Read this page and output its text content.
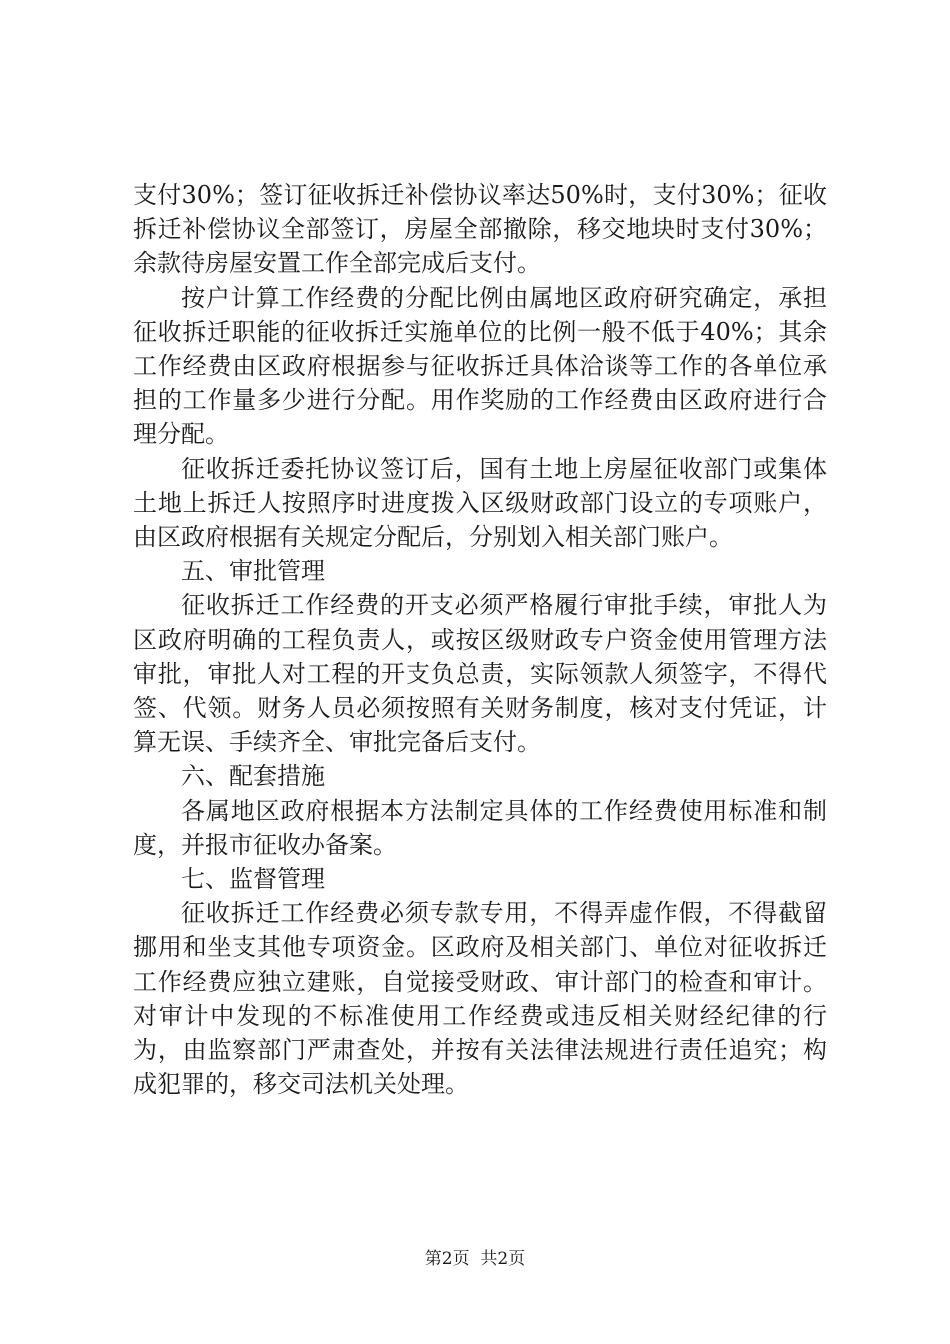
支付30%；签订征收拆迁补偿协议率达50%时，支付30%；征收拆迁补偿协议全部签订，房屋全部撤除，移交地块时支付30%；余款待房屋安置工作全部完成后支付。

按户计算工作经费的分配比例由属地区政府研究确定，承担征收拆迁职能的征收拆迁实施单位的比例一般不低于40%；其余工作经费由区政府根据参与征收拆迁具体洽谈等工作的各单位承担的工作量多少进行分配。用作奖励的工作经费由区政府进行合理分配。

征收拆迁委托协议签订后，国有土地上房屋征收部门或集体土地上拆迁人按照序时进度拨入区级财政部门设立的专项账户，由区政府根据有关规定分配后，分别划入相关部门账户。

五、审批管理

征收拆迁工作经费的开支必须严格履行审批手续，审批人为区政府明确的工程负责人，或按区级财政专户资金使用管理方法审批，审批人对工程的开支负总责，实际领款人须签字，不得代签、代领。财务人员必须按照有关财务制度，核对支付凭证，计算无误、手续齐全、审批完备后支付。

六、配套措施

各属地区政府根据本方法制定具体的工作经费使用标准和制度，并报市征收办备案。

七、监督管理

征收拆迁工作经费必须专款专用，不得弄虚作假，不得截留挪用和坐支其他专项资金。区政府及相关部门、单位对征收拆迁工作经费应独立建账，自觉接受财政、审计部门的检查和审计。对审计中发现的不标准使用工作经费或违反相关财经纪律的行为，由监察部门严肃查处，并按有关法律法规进行责任追究；构成犯罪的，移交司法机关处理。

第2页 共2页
